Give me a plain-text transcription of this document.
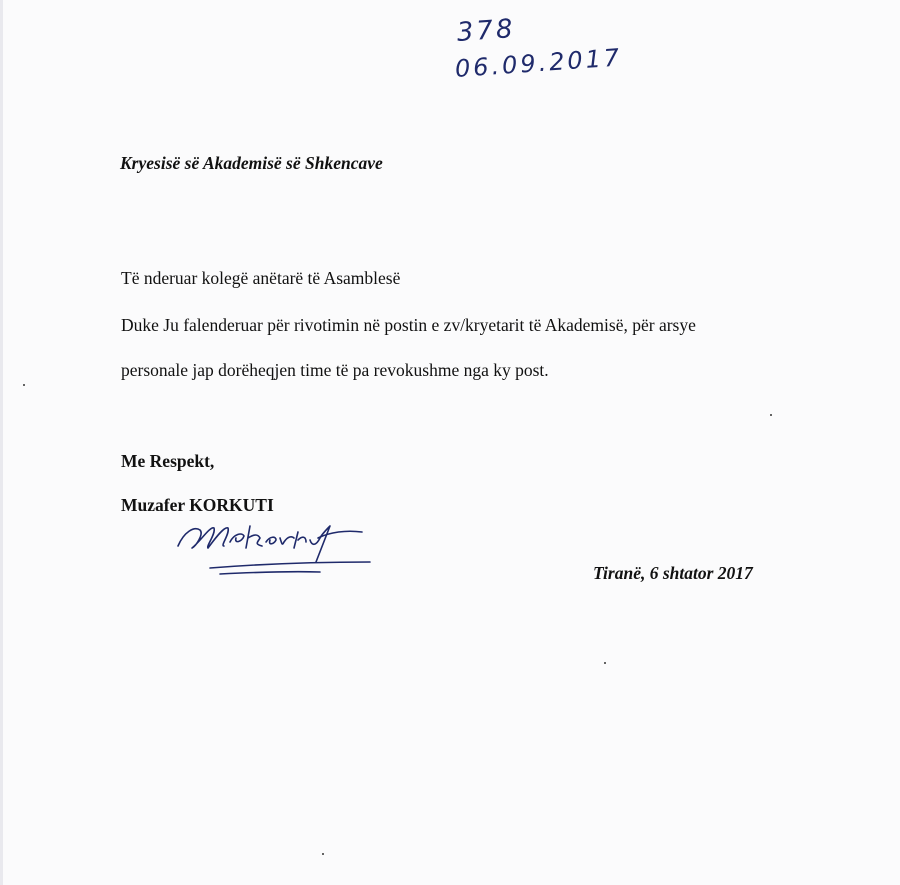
378
06.09.2017
Kryesisë së Akademisë së Shkencave
Të nderuar kolegë anëtarë të Asamblesë
Duke Ju falenderuar për rivotimin në postin e zv/kryetarit të Akademisë, për arsye
personale jap dorëheqjen time të pa revokushme nga ky post.
Me Respekt,
Muzafer KORKUTI
Tiranë, 6 shtator 2017
